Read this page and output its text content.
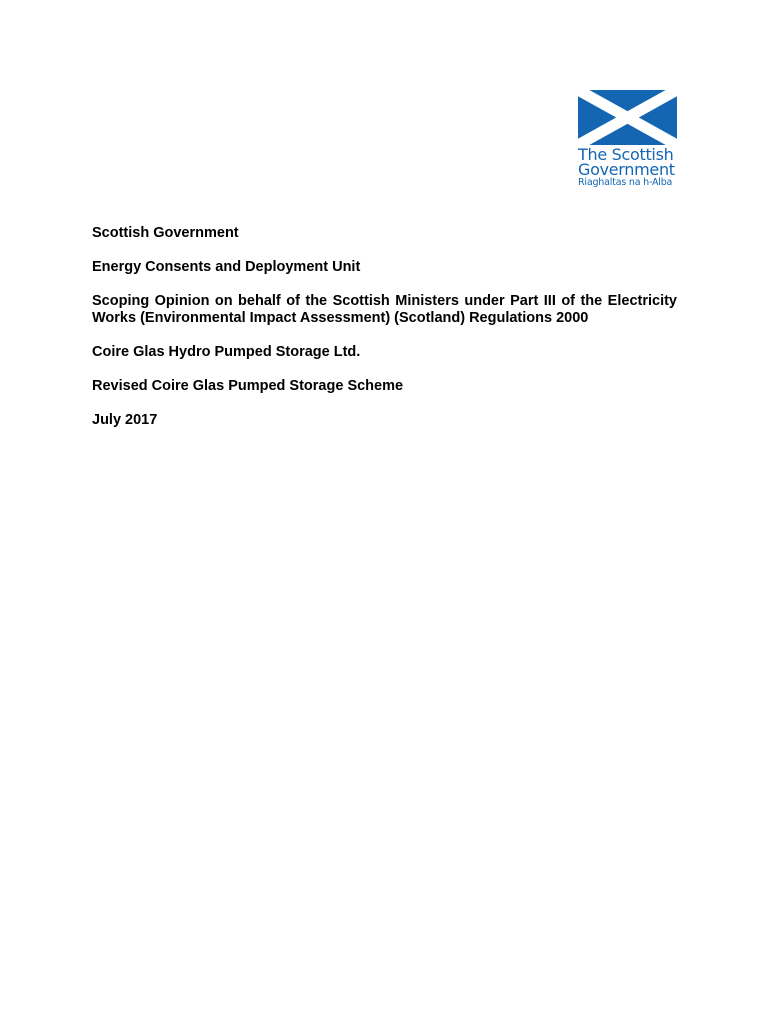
The Scottish
Government
Riaghaltas na h-Alba

Scottish Government

Energy Consents and Deployment Unit

Scoping Opinion on behalf of the Scottish Ministers under Part III of the Electricity Works (Environmental Impact Assessment) (Scotland) Regulations 2000

Coire Glas Hydro Pumped Storage Ltd.

Revised Coire Glas Pumped Storage Scheme

July 2017
